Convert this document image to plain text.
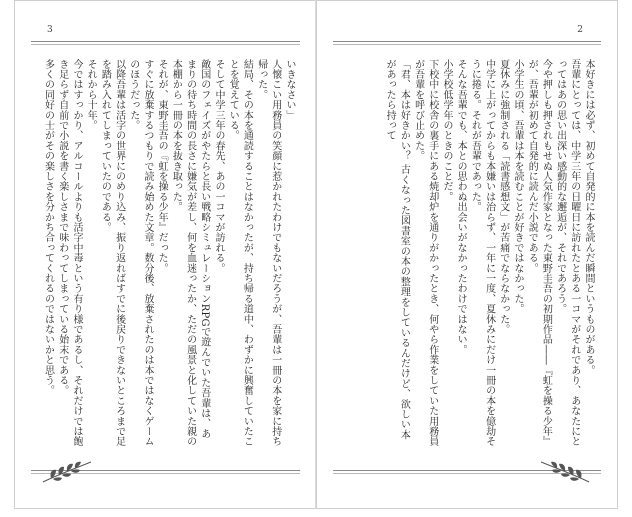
3

いきなさい」

人懐こい用務員の笑顔に惹かれたわけでもないだろうが、吾輩は一冊の本を家に持ち帰った。

結局、その本を通読することはなかったが、持ち帰る道中、わずかに興奮していたことを覚えている。

そして中学三年の春先、あの一コマが訪れる。

敵国のフェイズがやたらと長い戦略シミュレーションRPGで遊んでいた吾輩は、あまりの待ち時間の長さに嫌気が差し、何を血迷ったか、ただの風景と化していた親の本棚から一冊の本を抜き取った。

それが、東野圭吾の『虹を操る少年』だった。

すぐに放棄するつもりで読み始めた文章。数分後、放棄されたのは本ではなくゲームのほうだった。

以降吾輩は活字の世界にのめり込み、振り返ればすでに後戻りできないところまで足を踏み入れてしまっていたのである。

それから十年。

今ではすっかり、アルコールよりも活字中毒という有り様であるし、それだけでは飽き足らず自前で小説を書く楽しさまで味わってしまっている始末である。

多くの同好の士がその楽しさを分かち合ってくれるのではないかと思う。

2

本好きには必ず、初めて自発的に本を読んだ瞬間というものがある。

吾輩にとっては、中学三年の日曜日に訪れたとある一コマがそれであり、あなたにとってはあの思い出深い感動的な邂逅が、それであろう。

今や押しも押されもせぬ人気作家となった東野圭吾の初期作品――『虹を操る少年』が、吾輩が初めて自発的に読んだ小説である。

小学生の頃、吾輩は本を読むことが好きではなかった。

夏休みに強制される「読書感想文」が苦痛でならなかった。

中学に上がってからも本嫌いは治らず、一年に一度、夏休みにだけ一冊の本を億劫そうに捲る。それが吾輩であった。

そんな吾輩でも、本との思わぬ出会いがなかったわけではない。

小学校低学年のときのことだ。

下校中に校舎の裏手にある焼却炉を通りがかったとき、何やら作業をしていた用務員が吾輩を呼び止めた。

「君、本は好きかい？ 古くなった図書室の本の整理をしているんだけど、欲しい本があったら持って
